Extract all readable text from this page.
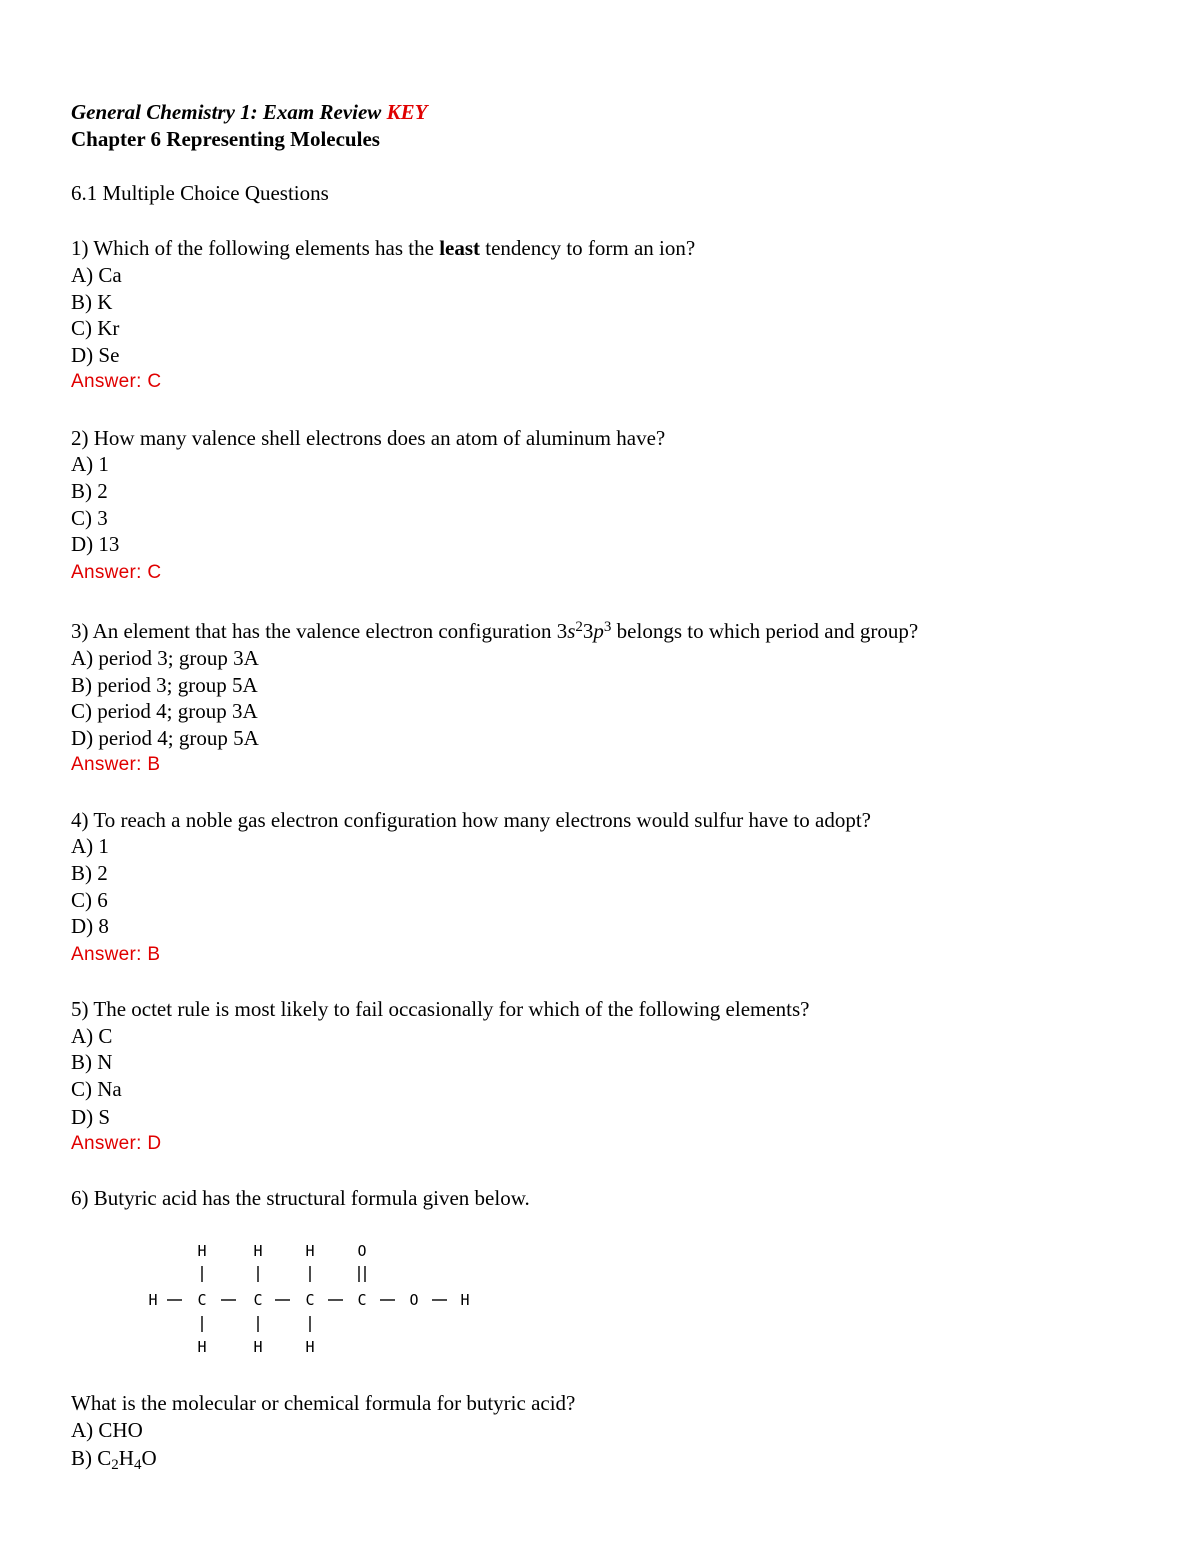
General Chemistry 1: Exam Review KEY
Chapter 6 Representing Molecules
6.1 Multiple Choice Questions
1) Which of the following elements has the least tendency to form an ion?
A) Ca
B) K
C) Kr
D) Se
Answer: C
2) How many valence shell electrons does an atom of aluminum have?
A) 1
B) 2
C) 3
D) 13
Answer: C
3) An element that has the valence electron configuration $3s^23p^3$ belongs to which period and group?
A) period 3; group 3A
B) period 3; group 5A
C) period 4; group 3A
D) period 4; group 5A
Answer: B
4) To reach a noble gas electron configuration how many electrons would sulfur have to adopt?
A) 1
B) 2
C) 6
D) 8
Answer: B
5) The octet rule is most likely to fail occasionally for which of the following elements?
A) C
B) N
C) Na
D) S
Answer: D
6) Butyric acid has the structural formula given below.
H	H	H	O
H	C	C	C	C	O	H
H	H	H
What is the molecular or chemical formula for butyric acid?
A) CHO
B) C2H4O
